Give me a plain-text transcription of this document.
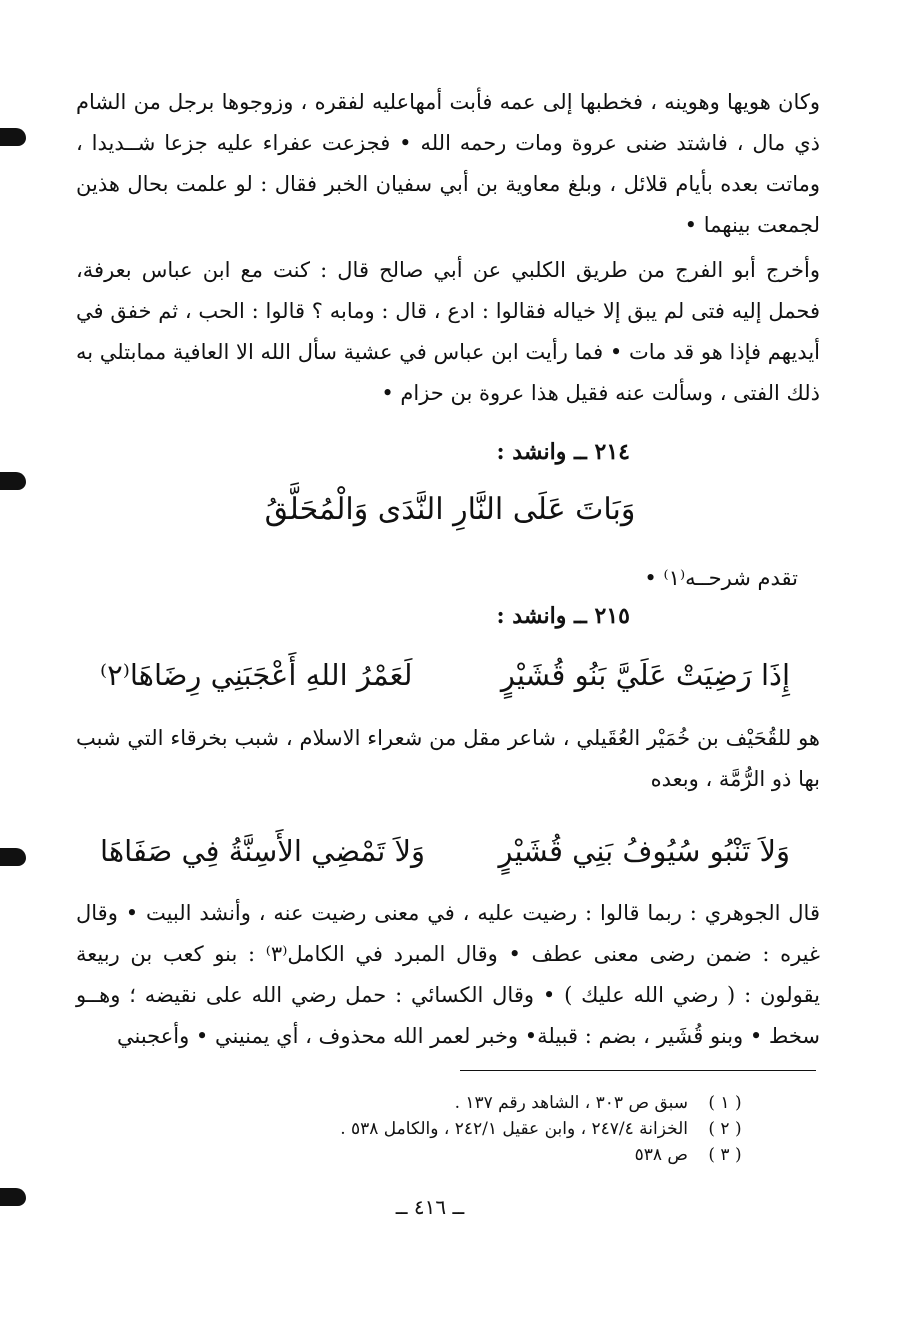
وكان هويها وهوينه ، فخطبها إلى عمه فأبت أمهاعليه لفقره ، وزوجوها برجل من الشام ذي مال ، فاشتد ضنى عروة ومات رحمه الله • فجزعت عفراء عليه جزعا شــديدا ، وماتت بعده بأيام قلائل ، وبلغ معاوية بن أبي سفيان الخبر فقال : لو علمت بحال هذين لجمعت بينهما •
وأخرج أبو الفرج من طريق الكلبي عن أبي صالح قال : كنت مع ابن عباس بعرفة، فحمل إليه فتى لم يبق إلا خياله فقالوا : ادع ، قال : ومابه ؟ قالوا : الحب ، ثم خفق في أيديهم فإذا هو قد مات • فما رأيت ابن عباس في عشية سأل الله الا العافية ممابتلي به ذلك الفتى ، وسألت عنه فقيل هذا عروة بن حزام •
٢١٤ ــ وانشد :
وَبَاتَ عَلَى النَّارِ النَّدَى وَالْمُحَلَّقُ
تقدم شرحــه⁽١⁾ •
٢١٥ ــ وانشد :
إِذَا رَضِيَتْ عَلَيَّ بَنُو قُشَيْرٍ
لَعَمْرُ اللهِ أَعْجَبَنِي رِضَاهَا⁽٢⁾
هو للقُحَيْف بن خُمَيْر العُقَيلي ، شاعر مقل من شعراء الاسلام ، شبب بخرقاء التي شبب بها ذو الرُّمَّة ، وبعده
وَلاَ تَنْبُو سُيُوفُ بَنِي قُشَيْرٍ
وَلاَ تَمْضِي الأَسِنَّةُ فِي صَفَاهَا
قال الجوهري : ربما قالوا : رضيت عليه ، في معنى رضيت عنه ، وأنشد البيت • وقال غيره : ضمن رضى معنى عطف • وقال المبرد في الكامل⁽٣⁾ : بنو كعب بن ربيعة يقولون : ( رضي الله عليك ) • وقال الكسائي : حمل رضي الله على نقيضه ؛ وهــو سخط • وبنو قُشَير ، بضم : قبيلة• وخبر لعمر الله محذوف ، أي يمنيني • وأعجبني
( ١ )
سبق ص ٣٠٣ ، الشاهد رقم ١٣٧ .
( ٢ )
الخزانة ٢٤٧/٤ ، وابن عقيل ٢٤٢/١ ، والكامل ٥٣٨ .
( ٣ )
ص ٥٣٨
ــ ٤١٦ ــ
